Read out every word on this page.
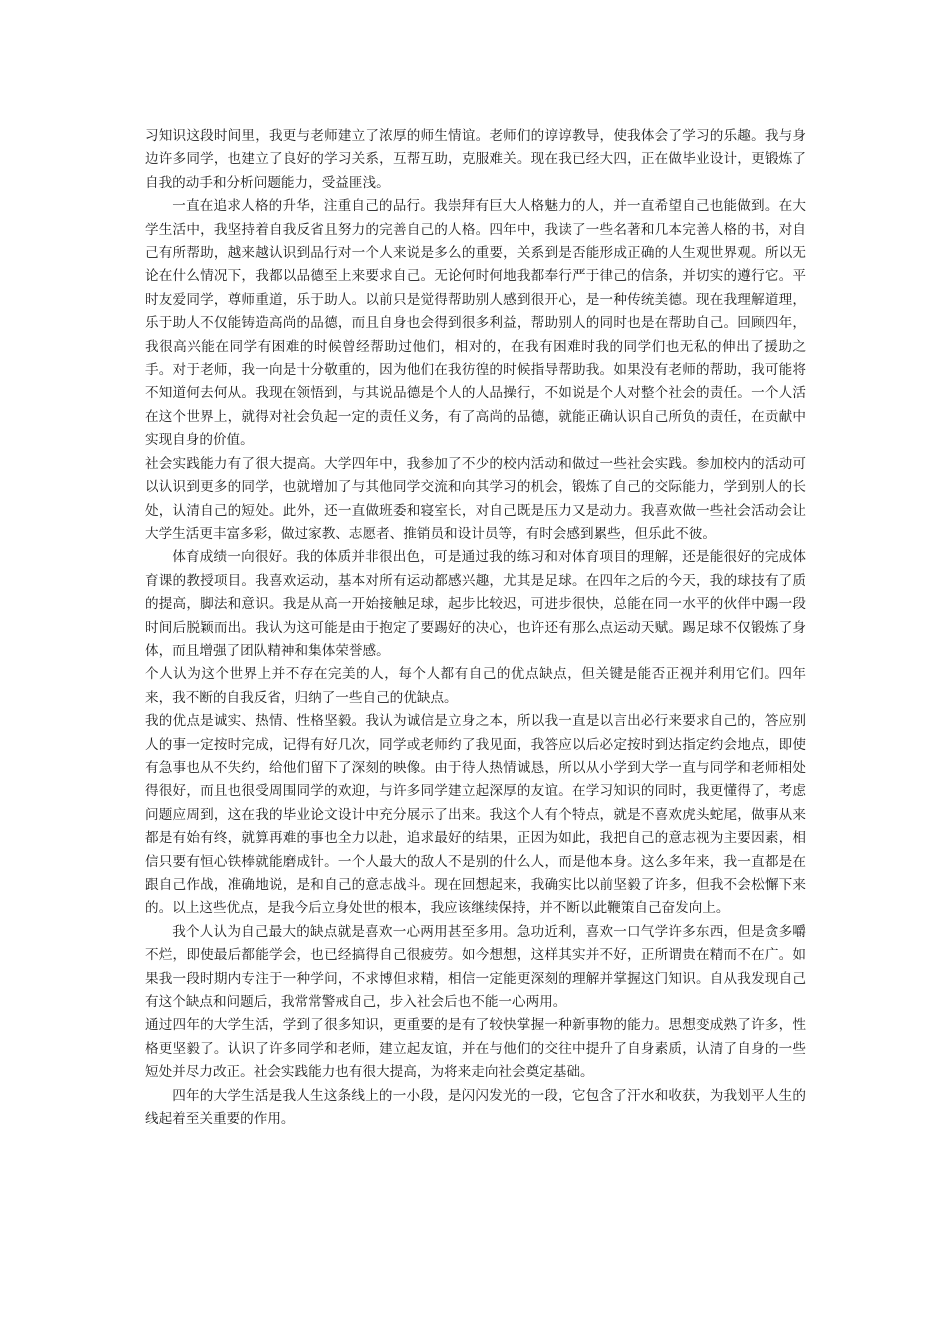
习知识这段时间里，我更与老师建立了浓厚的师生情谊。老师们的谆谆教导，使我体会了学习的乐趣。我与身边许多同学，也建立了良好的学习关系，互帮互助，克服难关。现在我已经大四，正在做毕业设计，更锻炼了自我的动手和分析问题能力，受益匪浅。

一直在追求人格的升华，注重自己的品行。我崇拜有巨大人格魅力的人，并一直希望自己也能做到。在大学生活中，我坚持着自我反省且努力的完善自己的人格。四年中，我读了一些名著和几本完善人格的书，对自己有所帮助，越来越认识到品行对一个人来说是多么的重要，关系到是否能形成正确的人生观世界观。所以无论在什么情况下，我都以品德至上来要求自己。无论何时何地我都奉行严于律己的信条，并切实的遵行它。平时友爱同学，尊师重道，乐于助人。以前只是觉得帮助别人感到很开心，是一种传统美德。现在我理解道理，乐于助人不仅能铸造高尚的品德，而且自身也会得到很多利益，帮助别人的同时也是在帮助自己。回顾四年，我很高兴能在同学有困难的时候曾经帮助过他们，相对的，在我有困难时我的同学们也无私的伸出了援助之手。对于老师，我一向是十分敬重的，因为他们在我彷徨的时候指导帮助我。如果没有老师的帮助，我可能将不知道何去何从。我现在领悟到，与其说品德是个人的人品操行，不如说是个人对整个社会的责任。一个人活在这个世界上，就得对社会负起一定的责任义务，有了高尚的品德，就能正确认识自己所负的责任，在贡献中实现自身的价值。

社会实践能力有了很大提高。大学四年中，我参加了不少的校内活动和做过一些社会实践。参加校内的活动可以认识到更多的同学，也就增加了与其他同学交流和向其学习的机会，锻炼了自己的交际能力，学到别人的长处，认清自己的短处。此外，还一直做班委和寝室长，对自己既是压力又是动力。我喜欢做一些社会活动会让大学生活更丰富多彩，做过家教、志愿者、推销员和设计员等，有时会感到累些，但乐此不彼。

体育成绩一向很好。我的体质并非很出色，可是通过我的练习和对体育项目的理解，还是能很好的完成体育课的教授项目。我喜欢运动，基本对所有运动都感兴趣，尤其是足球。在四年之后的今天，我的球技有了质的提高，脚法和意识。我是从高一开始接触足球，起步比较迟，可进步很快，总能在同一水平的伙伴中踢一段时间后脱颖而出。我认为这可能是由于抱定了要踢好的决心，也许还有那么点运动天赋。踢足球不仅锻炼了身体，而且增强了团队精神和集体荣誉感。

个人认为这个世界上并不存在完美的人，每个人都有自己的优点缺点，但关键是能否正视并利用它们。四年来，我不断的自我反省，归纳了一些自己的优缺点。

我的优点是诚实、热情、性格坚毅。我认为诚信是立身之本，所以我一直是以言出必行来要求自己的，答应别人的事一定按时完成，记得有好几次，同学或老师约了我见面，我答应以后必定按时到达指定约会地点，即使有急事也从不失约，给他们留下了深刻的映像。由于待人热情诚恳，所以从小学到大学一直与同学和老师相处得很好，而且也很受周围同学的欢迎，与许多同学建立起深厚的友谊。在学习知识的同时，我更懂得了，考虑问题应周到，这在我的毕业论文设计中充分展示了出来。我这个人有个特点，就是不喜欢虎头蛇尾，做事从来都是有始有终，就算再难的事也全力以赴，追求最好的结果，正因为如此，我把自己的意志视为主要因素，相信只要有恒心铁棒就能磨成针。一个人最大的敌人不是别的什么人，而是他本身。这么多年来，我一直都是在跟自己作战，准确地说，是和自己的意志战斗。现在回想起来，我确实比以前坚毅了许多，但我不会松懈下来的。以上这些优点，是我今后立身处世的根本，我应该继续保持，并不断以此鞭策自己奋发向上。

我个人认为自己最大的缺点就是喜欢一心两用甚至多用。急功近利，喜欢一口气学许多东西，但是贪多嚼不烂，即使最后都能学会，也已经搞得自己很疲劳。如今想想，这样其实并不好，正所谓贵在精而不在广。如果我一段时期内专注于一种学问，不求博但求精，相信一定能更深刻的理解并掌握这门知识。自从我发现自己有这个缺点和问题后，我常常警戒自己，步入社会后也不能一心两用。

通过四年的大学生活，学到了很多知识，更重要的是有了较快掌握一种新事物的能力。思想变成熟了许多，性格更坚毅了。认识了许多同学和老师，建立起友谊，并在与他们的交往中提升了自身素质，认清了自身的一些短处并尽力改正。社会实践能力也有很大提高，为将来走向社会奠定基础。

四年的大学生活是我人生这条线上的一小段，是闪闪发光的一段，它包含了汗水和收获，为我划平人生的线起着至关重要的作用。
